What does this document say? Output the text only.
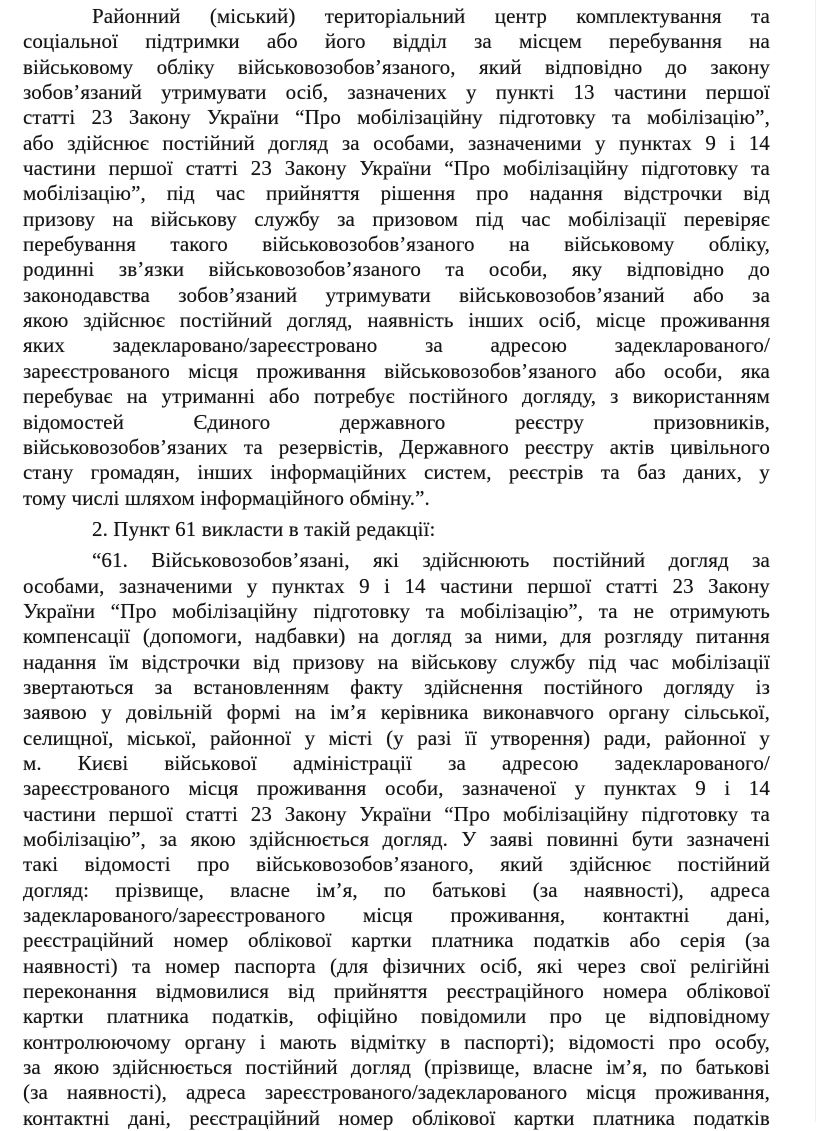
Районний (міський) територіальний центр комплектування та
соціальної підтримки або його відділ за місцем перебування на
військовому обліку військовозобов’язаного, який відповідно до закону
зобов’язаний утримувати осіб, зазначених у пункті 13 частини першої
статті 23 Закону України “Про мобілізаційну підготовку та мобілізацію”,
або здійснює постійний догляд за особами, зазначеними у пунктах 9 і 14
частини першої статті 23 Закону України “Про мобілізаційну підготовку та
мобілізацію”, під час прийняття рішення про надання відстрочки від
призову на військову службу за призовом під час мобілізації перевіряє
перебування такого військовозобов’язаного на військовому обліку,
родинні зв’язки військовозобов’язаного та особи, яку відповідно до
законодавства зобов’язаний утримувати військовозобов’язаний або за
якою здійснює постійний догляд, наявність інших осіб, місце проживання
яких задекларовано/зареєстровано за адресою задекларованого/
зареєстрованого місця проживання військовозобов’язаного або особи, яка
перебуває на утриманні або потребує постійного догляду, з використанням
відомостей	Єдиного	державного	реєстру	призовників,
військовозобов’язаних та резервістів, Державного реєстру актів цивільного
стану громадян, інших інформаційних систем, реєстрів та баз даних, у
тому числі шляхом інформаційного обміну.”.
2. Пункт 61 викласти в такій редакції:
“61. Військовозобов’язані, які здійснюють постійний догляд за
особами, зазначеними у пунктах 9 і 14 частини першої статті 23 Закону
України “Про мобілізаційну підготовку та мобілізацію”, та не отримують
компенсації (допомоги, надбавки) на догляд за ними, для розгляду питання
надання їм відстрочки від призову на військову службу під час мобілізації
звертаються за встановленням факту здійснення постійного догляду із
заявою у довільній формі на ім’я керівника виконавчого органу сільської,
селищної, міської, районної у місті (у разі її утворення) ради, районної у
м. Києві військової адміністрації за адресою задекларованого/
зареєстрованого місця проживання особи, зазначеної у пунктах 9 і 14
частини першої статті 23 Закону України “Про мобілізаційну підготовку та
мобілізацію”, за якою здійснюється догляд. У заяві повинні бути зазначені
такі відомості про військовозобов’язаного, який здійснює постійний
догляд: прізвище, власне ім’я, по батькові (за наявності), адреса
задекларованого/зареєстрованого місця проживання, контактні дані,
реєстраційний номер облікової картки платника податків або серія (за
наявності) та номер паспорта (для фізичних осіб, які через свої релігійні
переконання відмовилися від прийняття реєстраційного номера облікової
картки платника податків, офіційно повідомили про це відповідному
контролюючому органу і мають відмітку в паспорті); відомості про особу,
за якою здійснюється постійний догляд (прізвище, власне ім’я, по батькові
(за наявності), адреса зареєстрованого/задекларованого місця проживання,
контактні дані, реєстраційний номер облікової картки платника податків
